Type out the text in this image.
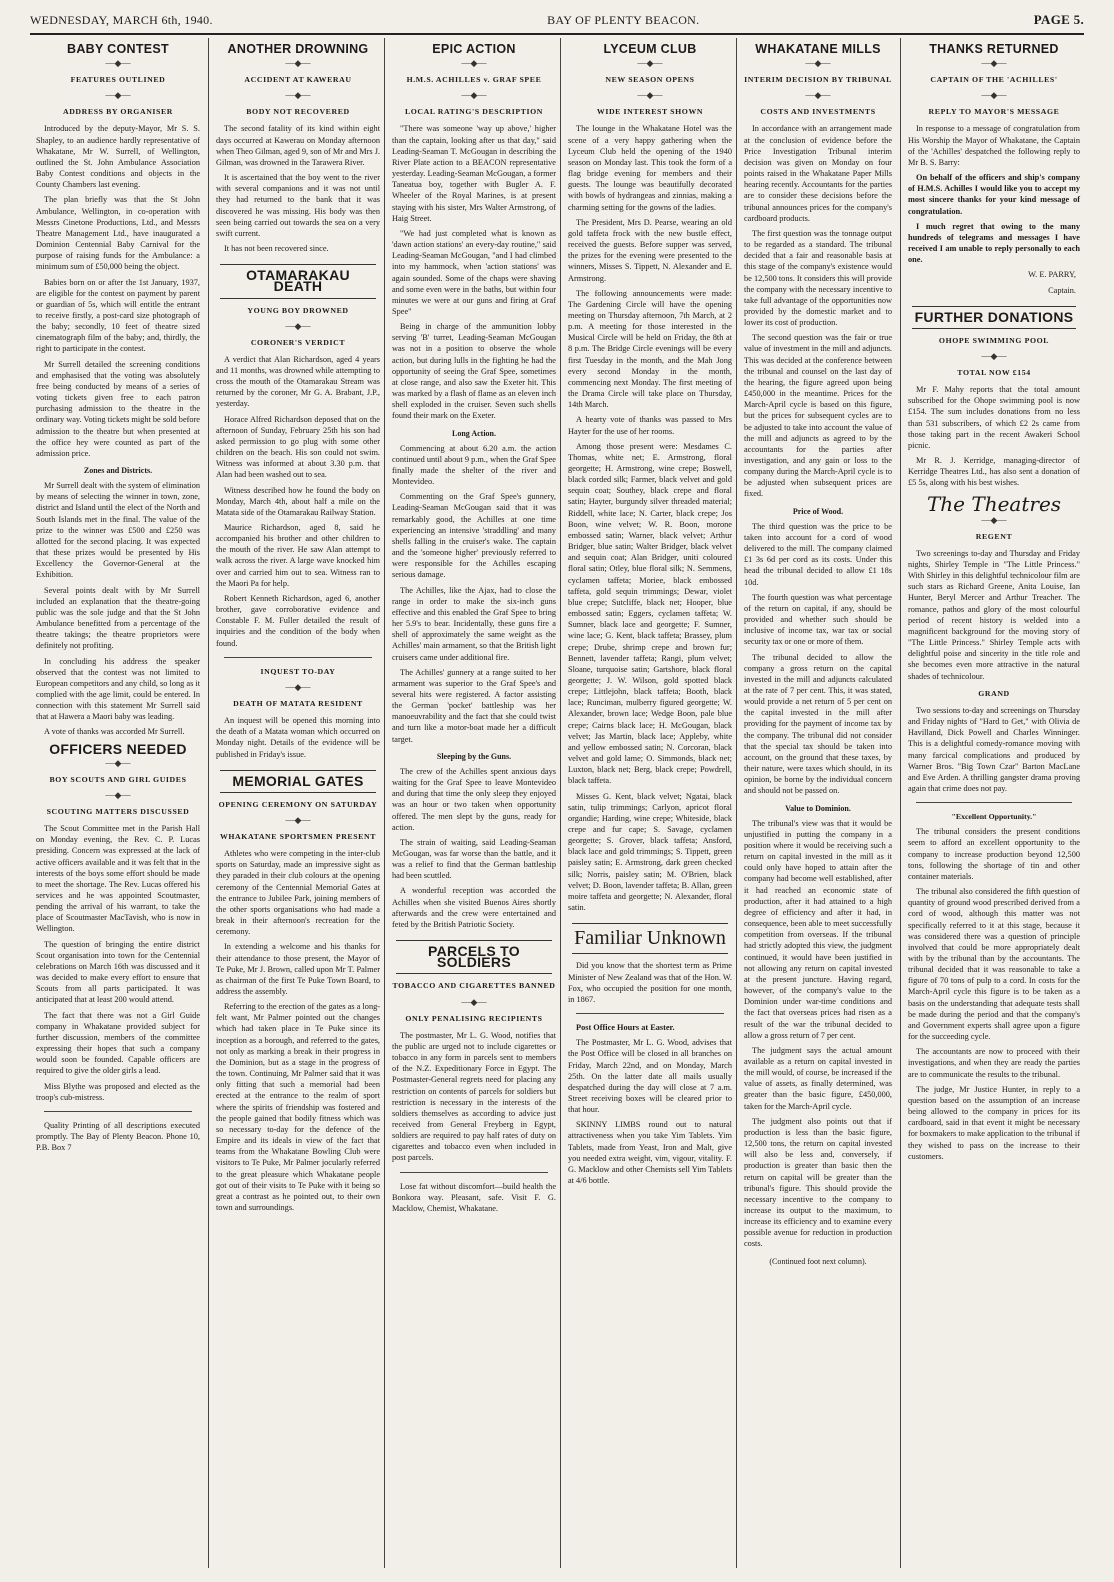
WEDNESDAY, MARCH 6th, 1940.	BAY OF PLENTY BEACON.	PAGE 5.
BABY CONTEST
—◆—
FEATURES OUTLINED
—◆—
ADDRESS BY ORGANISER

Introduced by the deputy-Mayor, Mr S. S. Shapley, to an audience hardly representative of Whakatane, Mr W. Surrell, of Wellington, outlined the St. John Ambulance Association Baby Contest conditions and objects in the County Chambers last evening.

The plan briefly was that the St John Ambulance, Wellington, in co-operation with Messrs Cinetone Productions, Ltd., and Messrs Theatre Management Ltd., have inaugurated a Dominion Centennial Baby Carnival for the purpose of raising funds for the Ambulance: a minimum sum of £50,000 being the object.

Babies born on or after the 1st January, 1937, are eligible for the contest on payment by parent or guardian of 5s, which will entitle the entrant to receive firstly, a post-card size photograph of the baby; secondly, 10 feet of theatre sized cinematograph film of the baby; and, thirdly, the right to participate in the contest.

Mr Surrell detailed the screening conditions and emphasised that the voting was absolutely free being conducted by means of a series of voting tickets given free to each patron purchasing admission to the theatre in the ordinary way. Voting tickets might be sold before admission to the theatre but when presented at the office hey were counted as part of the admission price.

Zones and Districts.

Mr Surrell dealt with the system of elimination by means of selecting the winner in town, zone, district and Island until the elect of the North and South Islands met in the final. The value of the prize to the winner was £500 and £250 was allotted for the second placing. It was expected that these prizes would be presented by His Excellency the Governor-General at the Exhibition.

Several points dealt with by Mr Surrell included an explanation that the theatre-going public was the sole judge and that the St John Ambulance benefitted from a percentage of the theatre takings; the theatre proprietors were definitely not profiting.

In concluding his address the speaker observed that the contest was not limited to European competitors and any child, so long as it complied with the age limit, could be entered. In connection with this statement Mr Surrell said that at Hawera a Maori baby was leading.

A vote of thanks was accorded Mr Surrell.

OFFICERS NEEDED
—◆—
BOY SCOUTS AND GIRL GUIDES
—◆—
SCOUTING MATTERS DISCUSSED

The Scout Committee met in the Parish Hall on Monday evening, the Rev. C. P. Lucas presiding. Concern was expressed at the lack of active officers available and it was felt that in the interests of the boys some effort should be made to meet the shortage. The Rev. Lucas offered his services and he was appointed Scoutmaster, pending the arrival of his warrant, to take the place of Scoutmaster MacTavish, who is now in Wellington.

The question of bringing the entire district Scout organisation into town for the Centennial celebrations on March 16th was discussed and it was decided to make every effort to ensure that Scouts from all parts participated. It was anticipated that at least 200 would attend.

The fact that there was not a Girl Guide company in Whakatane provided subject for further discussion, members of the committee expressing their hopes that such a company would soon be founded. Capable officers are required to give the older girls a lead.

Miss Blythe was proposed and elected as the troop's cub-mistress.

Quality Printing of all descriptions executed promptly. The Bay of Plenty Beacon. Phone 10, P.B. Box 7

ANOTHER DROWNING
—◆—
ACCIDENT AT KAWERAU
—◆—
BODY NOT RECOVERED

The second fatality of its kind within eight days occurred at Kawerau on Monday afternoon when Theo Gilman, aged 9, son of Mr and Mrs J. Gilman, was drowned in the Tarawera River.

It is ascertained that the boy went to the river with several companions and it was not until they had returned to the bank that it was discovered he was missing. His body was then seen being carried out towards the sea on a very swift current.

It has not been recovered since.

OTAMARAKAU DEATH
YOUNG BOY DROWNED
—◆—
CORONER'S VERDICT

A verdict that Alan Richardson, aged 4 years and 11 months, was drowned while attempting to cross the mouth of the Otamarakau Stream was returned by the coroner, Mr G. A. Brabant, J.P., yesterday.

Horace Alfred Richardson deposed that on the afternoon of Sunday, February 25th his son had asked permission to go plug with some other children on the beach. His son could not swim. Witness was informed at about 3.30 p.m. that Alan had been washed out to sea.

Witness described how he found the body on Monday, March 4th, about half a mile on the Matata side of the Otamarakau Railway Station.

Maurice Richardson, aged 8, said he accompanied his brother and other children to the mouth of the river. He saw Alan attempt to walk across the river. A large wave knocked him over and carried him out to sea. Witness ran to the Maori Pa for help.

Robert Kenneth Richardson, aged 6, another brother, gave corroborative evidence and Constable F. M. Fuller detailed the result of inquiries and the condition of the body when found.

INQUEST TO-DAY
—◆—
DEATH OF MATATA RESIDENT

An inquest will be opened this morning into the death of a Matata woman which occurred on Monday night. Details of the evidence will be published in Friday's issue.

MEMORIAL GATES
OPENING CEREMONY ON SATURDAY
—◆—
WHAKATANE SPORTSMEN PRESENT

Athletes who were competing in the inter-club sports on Saturday, made an impressive sight as they paraded in their club colours at the opening ceremony of the Centennial Memorial Gates at the entrance to Jubilee Park, joining members of the other sports organisations who had made a break in their afternoon's recreation for the ceremony.

In extending a welcome and his thanks for their attendance to those present, the Mayor of Te Puke, Mr J. Brown, called upon Mr T. Palmer as chairman of the first Te Puke Town Board, to address the assembly.

Referring to the erection of the gates as a long-felt want, Mr Palmer pointed out the changes which had taken place in Te Puke since its inception as a borough, and referred to the gates, not only as marking a break in their progress in the Dominion, but as a stage in the progress of the town. Continuing, Mr Palmer said that it was only fitting that such a memorial had been erected at the entrance to the realm of sport where the spirits of friendship was fostered and the people gained that bodily fitness which was so necessary to-day for the defence of the Empire and its ideals in view of the fact that teams from the Whakatane Bowling Club were visitors to Te Puke, Mr Palmer jocularly referred to the great pleasure which Whakatane people got out of their visits to Te Puke with it being so great a contrast as he pointed out, to their own town and surroundings.

EPIC ACTION
—◆—
H.M.S. ACHILLES v. GRAF SPEE
—◆—
LOCAL RATING'S DESCRIPTION

"There was someone 'way up above,' higher than the captain, looking after us that day," said Leading-Seaman T. McGougan in describing the River Plate action to a BEACON representative yesterday. Leading-Seaman McGougan, a former Taneatua boy, together with Bugler A. F. Wheeler of the Royal Marines, is at present staying with his sister, Mrs Walter Armstrong, of Haig Street.

"We had just completed what is known as 'dawn action stations' an every-day routine," said Leading-Seaman McGougan, "and I had climbed into my hammock, when 'action stations' was again sounded. Some of the chaps were shaving and some even were in the baths, but within four minutes we were at our guns and firing at Graf Spee"

Being in charge of the ammunition lobby serving 'B' turret, Leading-Seaman McGougan was not in a position to observe the whole action, but during lulls in the fighting he had the opportunity of seeing the Graf Spee, sometimes at close range, and also saw the Exeter hit. This was marked by a flash of flame as an eleven inch shell exploded in the cruiser. Seven such shells found their mark on the Exeter.

Long Action.

Commencing at about 6.20 a.m. the action continued until about 9 p.m., when the Graf Spee finally made the shelter of the river and Montevideo.

Commenting on the Graf Spee's gunnery, Leading-Seaman McGougan said that it was remarkably good, the Achilles at one time experiencing an intensive 'straddling' and many shells falling in the cruiser's wake. The captain and the 'someone higher' previously referred to were responsible for the Achilles escaping serious damage.

The Achilles, like the Ajax, had to close the range in order to make the six-inch guns effective and this enabled the Graf Spee to bring her 5.9's to bear. Incidentally, these guns fire a shell of approximately the same weight as the Achilles' main armament, so that the British light cruisers came under additional fire.

The Achilles' gunnery at a range suited to her armament was superior to the Graf Spee's and several hits were registered. A factor assisting the German 'pocket' battleship was her manoeuvrability and the fact that she could twist and turn like a motor-boat made her a difficult target.

Sleeping by the Guns.

The crew of the Achilles spent anxious days waiting for the Graf Spee to leave Montevideo and during that time the only sleep they enjoyed was an hour or two taken when opportunity offered. The men slept by the guns, ready for action.

The strain of waiting, said Leading-Seaman McGougan, was far worse than the battle, and it was a relief to find that the German battleship had been scuttled.

A wonderful reception was accorded the Achilles when she visited Buenos Aires shortly afterwards and the crew were entertained and feted by the British Patriotic Society.

PARCELS TO SOLDIERS
TOBACCO AND CIGARETTES BANNED
—◆—
ONLY PENALISING RECIPIENTS

The postmaster, Mr L. G. Wood, notifies that the public are urged not to include cigarettes or tobacco in any form in parcels sent to members of the N.Z. Expeditionary Force in Egypt. The Postmaster-General regrets need for placing any restriction on contents of parcels for soldiers but restriction is necessary in the interests of the soldiers themselves as according to advice just received from General Freyberg in Egypt, soldiers are required to pay half rates of duty on cigarettes and tobacco even when included in post parcels.

Lose fat without discomfort—build health the Bonkora way. Pleasant, safe. Visit F. G. Macklow, Chemist, Whakatane.

LYCEUM CLUB
—◆—
NEW SEASON OPENS
—◆—
WIDE INTEREST SHOWN

The lounge in the Whakatane Hotel was the scene of a very happy gathering when the Lyceum Club held the opening of the 1940 season on Monday last. This took the form of a flag bridge evening for members and their guests. The lounge was beautifully decorated with bowls of hydrangeas and zinnias, making a charming setting for the gowns of the ladies.

The President, Mrs D. Pearse, wearing an old gold taffeta frock with the new bustle effect, received the guests. Before supper was served, the prizes for the evening were presented to the winners, Misses S. Tippett, N. Alexander and E. Armstrong.

The following announcements were made: The Gardening Circle will have the opening meeting on Thursday afternoon, 7th March, at 2 p.m. A meeting for those interested in the Musical Circle will be held on Friday, the 8th at 8 p.m. The Bridge Circle evenings will be every first Tuesday in the month, and the Mah Jong every second Monday in the month, commencing next Monday. The first meeting of the Drama Circle will take place on Thursday, 14th March.

A hearty vote of thanks was passed to Mrs Hayter for the use of her rooms.

Among those present were: Mesdames C. Thomas, white net; E. Armstrong, floral georgette; H. Armstrong, wine crepe; Boswell, black corded silk; Farmer, black velvet and gold sequin coat; Southey, black crepe and floral satin; Hayter, burgundy silver threaded material; Riddell, white lace; N. Carter, black crepe; Jos Boon, wine velvet; W. R. Boon, morone embossed satin; Warner, black velvet; Arthur Bridger, blue satin; Walter Bridger, black velvet and sequin coat; Alan Bridger, uniti coloured floral satin; Otley, blue floral silk; N. Semmens, cyclamen taffeta; Moriee, black embossed taffeta, gold sequin trimmings; Dewar, violet blue crepe; Sutcliffe, black net; Hooper, blue embossed satin; Eggers, cyclamen taffeta; W. Sumner, black lace and georgette; F. Sumner, wine lace; G. Kent, black taffeta; Brassey, plum crepe; Drube, shrimp crepe and brown fur; Bennett, lavender taffeta; Rangi, plum velvet; Sloane, turquoise satin; Gartshore, black floral georgette; J. W. Wilson, gold spotted black crepe; Littlejohn, black taffeta; Booth, black lace; Runciman, mulberry figured georgette; W. Alexander, brown lace; Wedge Boon, pale blue crepe; Cairns black lace; H. McGougan, black velvet; Jas Martin, black lace; Appleby, white and yellow embossed satin; N. Corcoran, black velvet and gold lame; O. Simmonds, black net; Luxton, black net; Berg, black crepe; Powdrell, black taffeta.

Misses G. Kent, black velvet; Ngatai, black satin, tulip trimmings; Carlyon, apricot floral organdie; Harding, wine crepe; Whiteside, black crepe and fur cape; S. Savage, cyclamen georgette; S. Grover, black taffeta; Ansford, black lace and gold trimmings; S. Tippett, green paisley satin; E. Armstrong, dark green checked silk; Norris, paisley satin; M. O'Brien, black velvet; D. Boon, lavender taffeta; B. Allan, green moire taffeta and georgette; N. Alexander, floral satin.

Familiar Unknown

Did you know that the shortest term as Prime Minister of New Zealand was that of the Hon. W. Fox, who occupied the position for one month, in 1867.

Post Office Hours at Easter.

The Postmaster, Mr L. G. Wood, advises that the Post Office will be closed in all branches on Friday, March 22nd, and on Monday, March 25th. On the latter date all mails usually despatched during the day will close at 7 a.m. Street receiving boxes will be cleared prior to that hour.

SKINNY LIMBS round out to natural attractiveness when you take Yim Tablets. Yim Tablets, made from Yeast, Iron and Malt, give you needed extra weight, vim, vigour, vitality. F. G. Macklow and other Chemists sell Yim Tablets at 4/6 bottle.

WHAKATANE MILLS
—◆—
INTERIM DECISION BY TRIBUNAL
—◆—
COSTS AND INVESTMENTS

In accordance with an arrangement made at the conclusion of evidence before the Price Investigation Tribunal interim decision was given on Monday on four points raised in the Whakatane Paper Mills hearing recently. Accountants for the parties are to consider these decisions before the tribunal announces prices for the company's cardboard products.

The first question was the tonnage output to be regarded as a standard. The tribunal decided that a fair and reasonable basis at this stage of the company's existence would be 12,500 tons. It considers this will provide the company with the necessary incentive to take full advantage of the opportunities now provided by the domestic market and to lower its cost of production.

The second question was the fair or true value of investment in the mill and adjuncts. This was decided at the conference between the tribunal and counsel on the last day of the hearing, the figure agreed upon being £450,000 in the meantime. Prices for the March-April cycle is based on this figure, but the prices for subsequent cycles are to be adjusted to take into account the value of the mill and adjuncts as agreed to by the accountants for the parties after investigation, and any gain or loss to the company during the March-April cycle is to be adjusted when subsequent prices are fixed.

Price of Wood.

The third question was the price to be taken into account for a cord of wood delivered to the mill. The company claimed £1 3s 6d per cord as its costs. Under this head the tribunal decided to allow £1 18s 10d.

The fourth question was what percentage of the return on capital, if any, should be provided and whether such should be inclusive of income tax, war tax or social security tax or one or more of them.

The tribunal decided to allow the company a gross return on the capital invested in the mill and adjuncts calculated at the rate of 7 per cent. This, it was stated, would provide a net return of 5 per cent on the capital invested in the mill after providing for the payment of income tax by the company. The tribunal did not consider that the special tax should be taken into account, on the ground that these taxes, by their nature, were taxes which should, in its opinion, be borne by the individual concern and should not be passed on.

Value to Dominion.

The tribunal's view was that it would be unjustified in putting the company in a position where it would be receiving such a return on capital invested in the mill as it could only have hoped to attain after the company had become well established, after it had reached an economic state of production, after it had attained to a high degree of efficiency and after it had, in consequence, been able to meet successfully competition from overseas. If the tribunal had strictly adopted this view, the judgment continued, it would have been justified in not allowing any return on capital invested at the present juncture. Having regard, however, of the company's value to the Dominion under war-time conditions and the fact that overseas prices had risen as a result of the war the tribunal decided to allow a gross return of 7 per cent.

The judgment says the actual amount available as a return on capital invested in the mill would, of course, be increased if the value of assets, as finally determined, was greater than the basic figure, £450,000, taken for the March-April cycle.

The judgment also points out that if production is less than the basic figure, 12,500 tons, the return on capital invested will also be less and, conversely, if production is greater than basic then the return on capital will be greater than the tribunal's figure. This should provide the necessary incentive to the company to increase its output to the maximum, to increase its efficiency and to examine every possible avenue for reduction in production costs.

(Continued foot next column).
THANKS RETURNED
—◆—
CAPTAIN OF THE 'ACHILLES'
—◆—
REPLY TO MAYOR'S MESSAGE

In response to a message of congratulation from His Worship the Mayor of Whakatane, the Captain of the 'Achilles' despatched the following reply to Mr B. S. Barry:

On behalf of the officers and ship's company of H.M.S. Achilles I would like you to accept my most sincere thanks for your kind message of congratulation.

I much regret that owing to the many hundreds of telegrams and messages I have received I am unable to reply personally to each one.

W. E. PARRY,

Captain.

FURTHER DONATIONS
OHOPE SWIMMING POOL
—◆—
TOTAL NOW £154

Mr F. Mahy reports that the total amount subscribed for the Ohope swimming pool is now £154. The sum includes donations from no less than 531 subscribers, of which £2 2s came from those taking part in the recent Awakeri School picnic.

Mr R. J. Kerridge, managing-director of Kerridge Theatres Ltd., has also sent a donation of £5 5s, along with his best wishes.

The Theatres
—◆—
REGENT

Two screenings to-day and Thursday and Friday nights, Shirley Temple in "The Little Princess." With Shirley in this delightful technicolour film are such stars as Richard Greene, Anita Louise, Ian Hunter, Beryl Mercer and Arthur Treacher. The romance, pathos and glory of the most colourful period of recent history is welded into a magnificent background for the moving story of "The Little Princess." Shirley Temple acts with delightful poise and sincerity in the title role and she becomes even more attractive in the natural shades of technicolour.

GRAND

Two sessions to-day and screenings on Thursday and Friday nights of "Hard to Get," with Olivia de Havilland, Dick Powell and Charles Winninger. This is a delightful comedy-romance moving with many farcical complications and produced by Warner Bros. "Big Town Czar" Barton MacLane and Eve Arden. A thrilling gangster drama proving again that crime does not pay.

"Excellent Opportunity."

The tribunal considers the present conditions seem to afford an excellent opportunity to the company to increase production beyond 12,500 tons, following the shortage of tin and other container materials.

The tribunal also considered the fifth question of quantity of ground wood prescribed derived from a cord of wood, although this matter was not specifically referred to it at this stage, because it was considered there was a question of principle involved that could be more appropriately dealt with by the tribunal than by the accountants. The tribunal decided that it was reasonable to take a figure of 70 tons of pulp to a cord. In costs for the March-April cycle this figure is to be taken as a basis on the understanding that adequate tests shall be made during the period and that the company's and Government experts shall agree upon a figure for the succeeding cycle.

The accountants are now to proceed with their investigations, and when they are ready the parties are to communicate the results to the tribunal.

The judge, Mr Justice Hunter, in reply to a question based on the assumption of an increase being allowed to the company in prices for its cardboard, said in that event it might be necessary for boxmakers to make application to the tribunal if they wished to pass on the increase to their customers.
